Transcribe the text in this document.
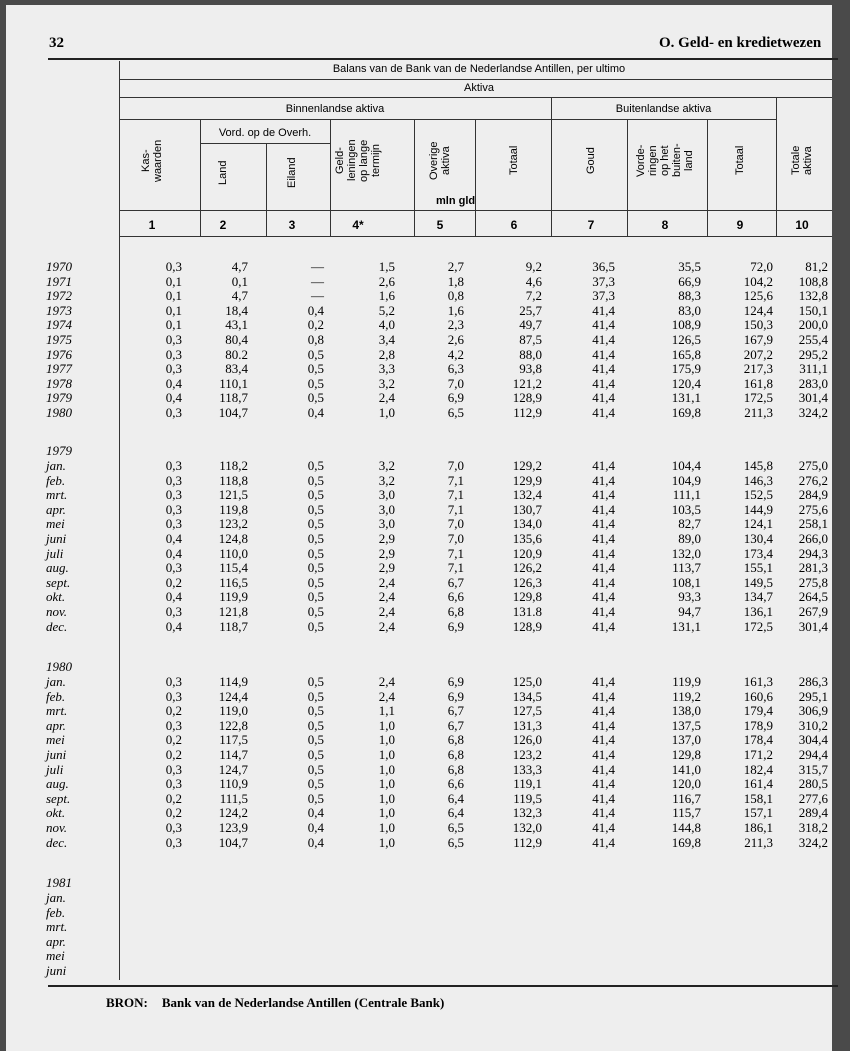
32	O. Geld- en kredietwezen
Balans van de Bank van de Nederlandse Antillen, per ultimo
Aktiva
Binnenlandse aktiva	Buitenlandse aktiva
Vord. op de Overh.
mln gld
Kas-
waarden	Land	Eiland	Geld-
leningen
op lange
termijn	Overige
aktiva	Totaal	Goud	Vorde-
ringen
op het
buiten-
land	Totaal	Totale
aktiva
1	2	3	4*	5	6	7	8	9	10
1970	0,3	4,7	—	1,5	2,7	9,2	36,5	35,5	72,0 81,2
1971	0,1	0,1	—	2,6	1,8	4,6	37,3	66,9	104,2 108,8
1972	0,1	4,7	—	1,6	0,8	7,2	37,3	88,3	125,6 132,8
1973	0,1	18,4	0,4	5,2	1,6	25,7	41,4	83,0	124,4 150,1
1974	0,1	43,1	0,2	4,0	2,3	49,7	41,4	108,9	150,3 200,0
1975	0,3	80,4	0,8	3,4	2,6	87,5	41,4	126,5	167,9 255,4
1976	0,3	80.2	0,5	2,8	4,2	88,0	41,4	165,8	207,2 295,2
1977	0,3	83,4	0,5	3,3	6,3	93,8	41,4	175,9	217,3 311,1
1978	0,4	110,1	0,5	3,2	7,0	121,2	41,4	120,4	161,8 283,0
1979	0,4	118,7	0,5	2,4	6,9	128,9	41,4	131,1	172,5 301,4
1980	0,3	104,7	0,4	1,0	6,5	112,9	41,4	169,8	211,3 324,2
1979
jan.	0,3	118,2	0,5	3,2	7,0	129,2	41,4	104,4	145,8 275,0
feb.	0,3	118,8	0,5	3,2	7,1	129,9	41,4	104,9	146,3 276,2
mrt.	0,3	121,5	0,5	3,0	7,1	132,4	41,4	111,1	152,5 284,9
apr.	0,3	119,8	0,5	3,0	7,1	130,7	41,4	103,5	144,9 275,6
mei	0,3	123,2	0,5	3,0	7,0	134,0	41,4	82,7	124,1 258,1
juni	0,4	124,8	0,5	2,9	7,0	135,6	41,4	89,0	130,4 266,0
juli	0,4	110,0	0,5	2,9	7,1	120,9	41,4	132,0	173,4 294,3
aug.	0,3	115,4	0,5	2,9	7,1	126,2	41,4	113,7	155,1 281,3
sept.	0,2	116,5	0,5	2,4	6,7	126,3	41,4	108,1	149,5 275,8
okt.	0,4	119,9	0,5	2,4	6,6	129,8	41,4	93,3	134,7 264,5
nov.	0,3	121,8	0,5	2,4	6,8	131.8	41,4	94,7	136,1 267,9
dec.	0,4	118,7	0,5	2,4	6,9	128,9	41,4	131,1	172,5 301,4
1980
jan.	0,3	114,9	0,5	2,4	6,9	125,0	41,4	119,9	161,3 286,3
feb.	0,3	124,4	0,5	2,4	6,9	134,5	41,4	119,2	160,6 295,1
mrt.	0,2	119,0	0,5	1,1	6,7	127,5	41,4	138,0	179,4 306,9
apr.	0,3	122,8	0,5	1,0	6,7	131,3	41,4	137,5	178,9 310,2
mei	0,2	117,5	0,5	1,0	6,8	126,0	41,4	137,0	178,4 304,4
juni	0,2	114,7	0,5	1,0	6,8	123,2	41,4	129,8	171,2 294,4
juli	0,3	124,7	0,5	1,0	6,8	133,3	41,4	141,0	182,4 315,7
aug.	0,3	110,9	0,5	1,0	6,6	119,1	41,4	120,0	161,4 280,5
sept.	0,2	111,5	0,5	1,0	6,4	119,5	41,4	116,7	158,1 277,6
okt.	0,2	124,2	0,4	1,0	6,4	132,3	41,4	115,7	157,1 289,4
nov.	0,3	123,9	0,4	1,0	6,5	132,0	41,4	144,8	186,1 318,2
dec.	0,3	104,7	0,4	1,0	6,5	112,9	41,4	169,8	211,3 324,2
1981
jan.
feb.
mrt.
apr.
mei
juni
BRON: Bank van de Nederlandse Antillen (Centrale Bank)
